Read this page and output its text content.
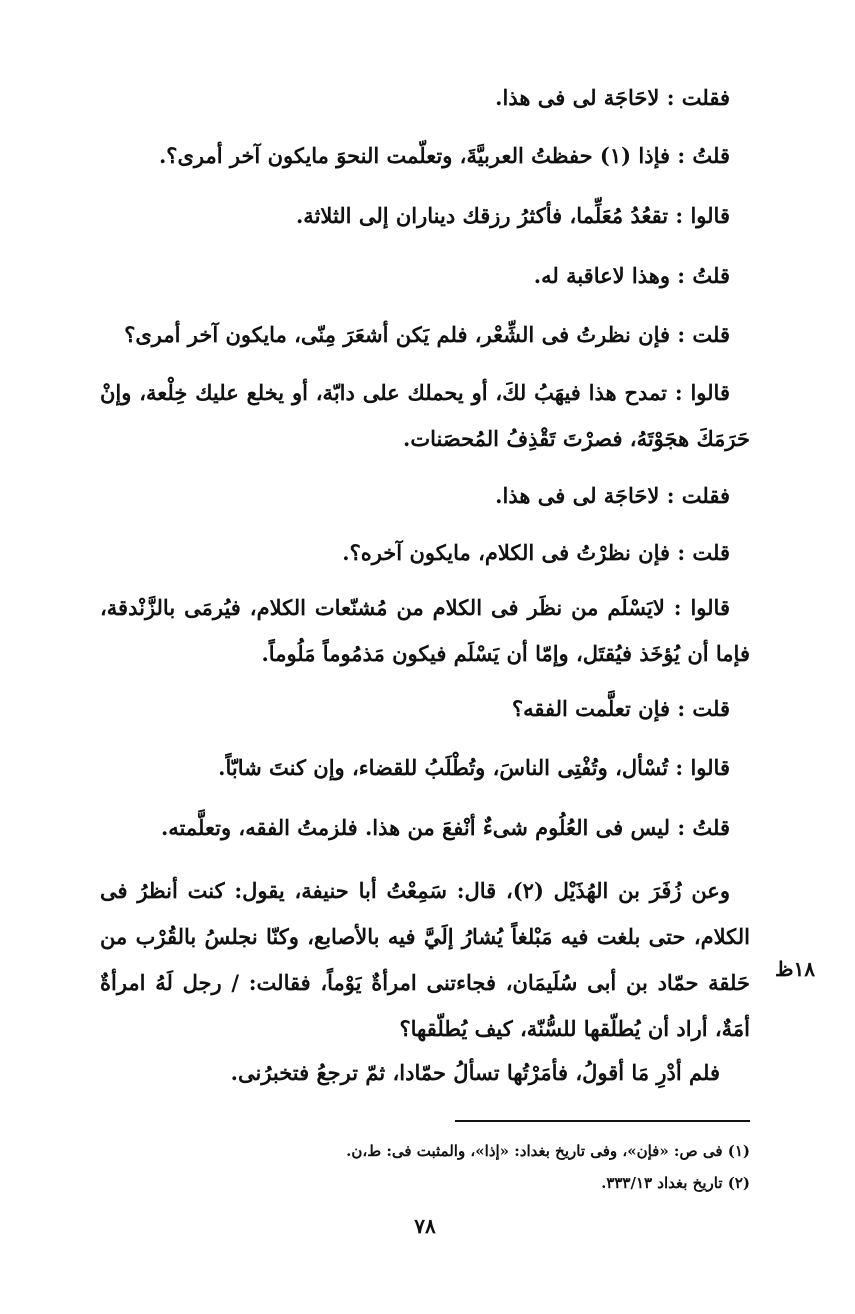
فقلت : لاحَاجَة لى فى هذا.
قلتُ : فإذا (١) حفظتُ العربيَّةَ، وتعلّمت النحوَ مايكون آخر أمرى؟.
قالوا : تقعُدُ مُعَلِّما، فأكثرُ رزقك ديناران إلى الثلاثة.
قلتُ : وهذا لاعاقبة له.
قلت : فإن نظرتُ فى الشِّعْر، فلم يَكن أشعَرَ مِنّى، مايكون آخر أمرى؟
قالوا : تمدح هذا فيهَبُ لكَ، أو يحملك على دابّة، أو يخلع عليك خِلْعة، وإنْ حَرَمَكَ هجَوْتَهُ، فصرْتَ تَقْذِفُ المُحصَنات.
فقلت : لاحَاجَة لى فى هذا.
قلت : فإن نظرْتُ فى الكلام، مايكون آخره؟.
قالوا : لايَسْلَم من نظَر فى الكلام من مُشنّعات الكلام، فيُرمَى بالزَّنْدقة، فإما أن يُؤخَذ فيُقتَل، وإمّا أن يَسْلَم فيكون مَذمُوماً مَلُوماً.
قلت : فإن تعلَّمت الفقه؟
قالوا : تُسْأل، وتُفْتِى الناسَ، وتُطْلَبُ للقضاء، وإن كنتَ شابّاً.
قلتُ : ليس فى العُلُوم شىءٌ أنْفعَ من هذا. فلزمتُ الفقه، وتعلَّمته.
وعن زُفَرَ بن الهُذَيْل (٢)، قال: سَمِعْتُ أبا حنيفة، يقول: كنت أنظرُ فى الكلام، حتى بلغت فيه مَبْلغاً يُشارُ إلَيَّ فيه بالأصابع، وكنّا نجلسُ بالقُرْب من حَلقة حمّاد بن أبى سُلَيمَان، فجاءتنى امرأةٌ يَوْماً، فقالت: / رجل لَهُ امرأةٌ أمَةٌ، أراد أن يُطلّقها للسُّنّة، كيف يُطلّقها؟
١٨ظ
فلم أدْرِ مَا أقولُ، فأمَرْتُها تسألُ حمّادا، ثمّ ترجعُ فتخبرُنى.
(١) فى ص: «فإن»، وفى تاريخ بغداد: «إذا»، والمثبت فى: ط،ن.
(٢) تاريخ بغداد ٣٣٣/١٣.
٧٨
